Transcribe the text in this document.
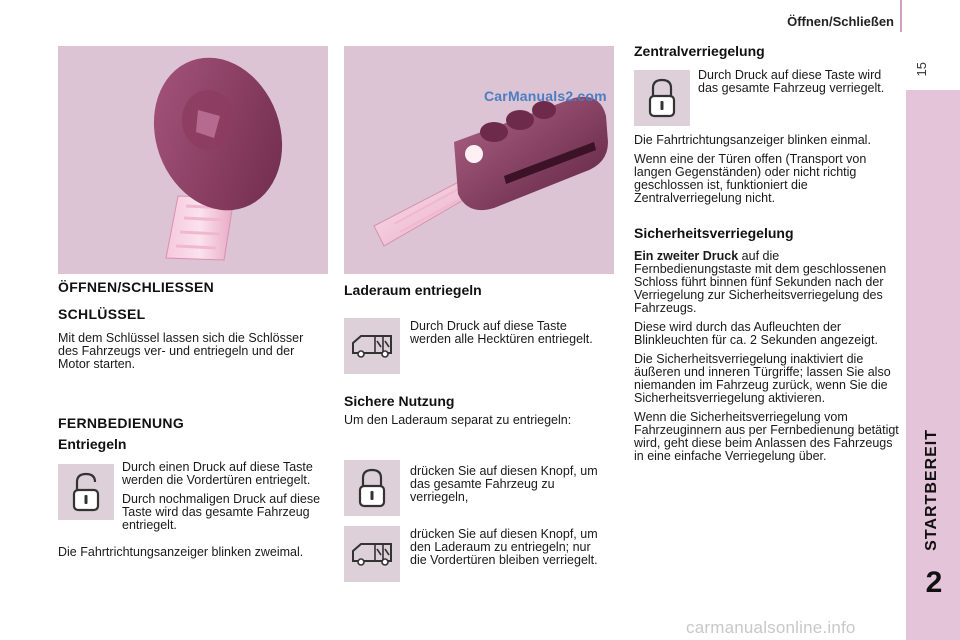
Öffnen/Schließen
15
STARTBEREIT
2
CarManuals2.com
ÖFFNEN/SCHLIESSEN
SCHLÜSSEL
Mit dem Schlüssel lassen sich die Schlösser des Fahrzeugs ver- und entriegeln und der Motor starten.
FERNBEDIENUNG
Entriegeln

Durch einen Druck auf diese Taste werden die Vordertüren entriegelt.

Durch nochmaligen Druck auf diese Taste wird das gesamte Fahrzeug entriegelt.

Die Fahrtrichtungsanzeiger blinken zweimal.
Laderaum entriegeln
Durch Druck auf diese Taste werden alle Hecktüren entriegelt.
Sichere Nutzung
Um den Laderaum separat zu entriegeln:
drücken Sie auf diesen Knopf, um das gesamte Fahrzeug zu verriegeln,
drücken Sie auf diesen Knopf, um den Laderaum zu entriegeln; nur die Vordertüren bleiben verriegelt.
Zentralverriegelung
Durch Druck auf diese Taste wird das gesamte Fahrzeug verriegelt.

Die Fahrtrichtungsanzeiger blinken einmal.

Wenn eine der Türen offen (Transport von langen Gegenständen) oder nicht richtig geschlossen ist, funktioniert die Zentralverriegelung nicht.

Sicherheitsverriegelung

Ein zweiter Druck auf die Fernbedienungstaste mit dem geschlossenen Schloss führt binnen fünf Sekunden nach der Verriegelung zur Sicherheitsverriegelung des Fahrzeugs.

Diese wird durch das Aufleuchten der Blinkleuchten für ca. 2 Sekunden angezeigt.

Die Sicherheitsverriegelung inaktiviert die äußeren und inneren Türgriffe; lassen Sie also niemanden im Fahrzeug zurück, wenn Sie die Sicherheitsverriegelung aktivieren.

Wenn die Sicherheitsverriegelung vom Fahrzeuginnern aus per Fernbedienung betätigt wird, geht diese beim Anlassen des Fahrzeugs in eine einfache Verriegelung über.

carmanualsonline.info
